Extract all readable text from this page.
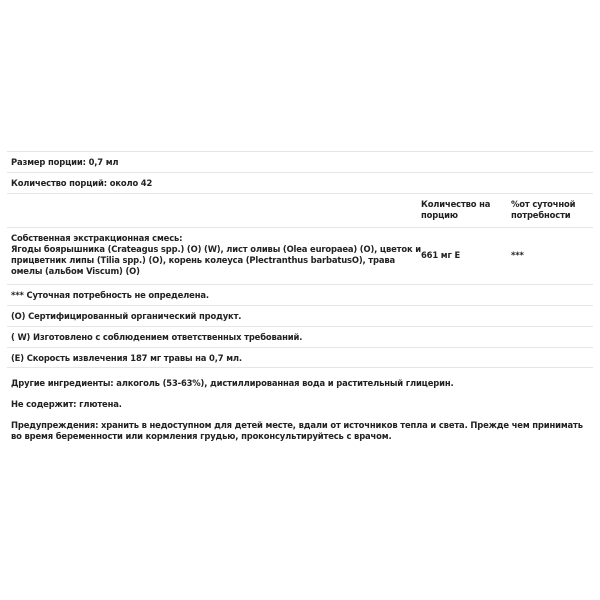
Размер порции: 0,7 мл
Количество порций: около 42
Количество на порцию
%от суточной потребности
Собственная экстракционная смесь:
Ягоды боярышника (Crateagus spp.) (O) (W), лист оливы (Olea europaea) (O), цветок и прицветник липы (Tilia spp.) (O), корень колеуса (Plectranthus barbatusO), трава омелы (альбом Viscum) (O)
661 мг E	***
*** Суточная потребность не определена.
(O) Сертифицированный органический продукт.
( W) Изготовлено с соблюдением ответственных требований.
(E) Скорость извлечения 187 мг травы на 0,7 мл.

Другие ингредиенты: алкоголь (53-63%), дистиллированная вода и растительный глицерин.

Не содержит: глютена.

Предупреждения: хранить в недоступном для детей месте, вдали от источников тепла и света. Прежде чем принимать во время беременности или кормления грудью, проконсультируйтесь с врачом.
